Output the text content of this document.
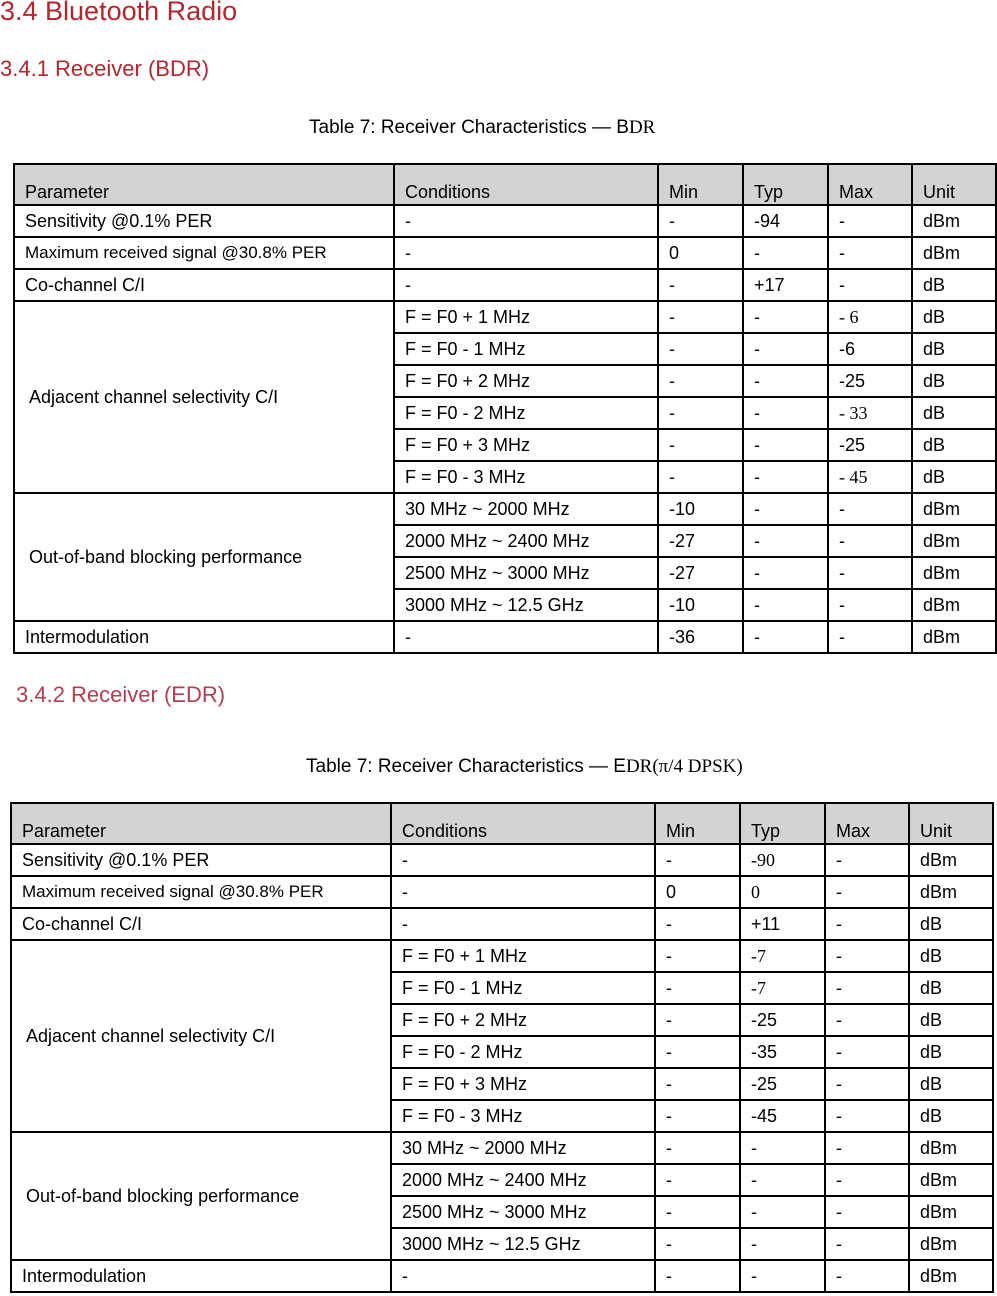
3.4 Bluetooth Radio
3.4.1 Receiver (BDR)
Table 7: Receiver Characteristics — BDR
Parameter	Conditions	Min	Typ	Max	Unit
Sensitivity @0.1% PER	-	-	-94	-	dBm
Maximum received signal @30.8% PER	-	0	-	-	dBm
Co-channel C/I	-	-	+17	-	dB
Adjacent channel selectivity C/I	F = F0 + 1 MHz	-	-	- 6	dB
	F = F0 - 1 MHz	-	-	-6	dB
	F = F0 + 2 MHz	-	-	-25	dB
	F = F0 - 2 MHz	-	-	- 33	dB
	F = F0 + 3 MHz	-	-	-25	dB
	F = F0 - 3 MHz	-	-	- 45	dB
Out-of-band blocking performance	30 MHz ~ 2000 MHz	-10	-	-	dBm
	2000 MHz ~ 2400 MHz	-27	-	-	dBm
	2500 MHz ~ 3000 MHz	-27	-	-	dBm
	3000 MHz ~ 12.5 GHz	-10	-	-	dBm
Intermodulation	-	-36	-	-	dBm
3.4.2 Receiver (EDR)
Table 7: Receiver Characteristics — EDR(π/4 DPSK)
Parameter	Conditions	Min	Typ	Max	Unit
Sensitivity @0.1% PER	-	-	-90	-	dBm
Maximum received signal @30.8% PER	-	0	0	-	dBm
Co-channel C/I	-	-	+11	-	dB
Adjacent channel selectivity C/I	F = F0 + 1 MHz	-	-7	-	dB
	F = F0 - 1 MHz	-	-7	-	dB
	F = F0 + 2 MHz	-	-25	-	dB
	F = F0 - 2 MHz	-	-35	-	dB
	F = F0 + 3 MHz	-	-25	-	dB
	F = F0 - 3 MHz	-	-45	-	dB
Out-of-band blocking performance	30 MHz ~ 2000 MHz	-	-	-	dBm
	2000 MHz ~ 2400 MHz	-	-	-	dBm
	2500 MHz ~ 3000 MHz	-	-	-	dBm
	3000 MHz ~ 12.5 GHz	-	-	-	dBm
Intermodulation	-	-	-	-	dBm
